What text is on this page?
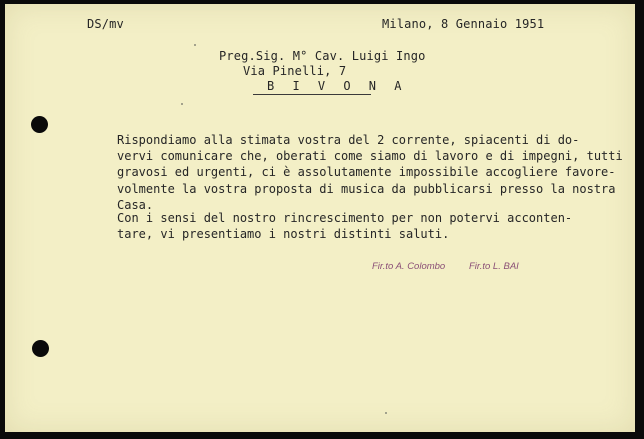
DS/mv	Milano, 8 Gennaio 1951
Preg.Sig. M° Cav. Luigi Ingo
Via Pinelli, 7
B I V O N A
Rispondiamo alla stimata vostra del 2 corrente, spiacenti di do-
vervi comunicare che, oberati come siamo di lavoro e di impegni, tutti
gravosi ed urgenti, ci è assolutamente impossibile accogliere favore-
volmente la vostra proposta di musica da pubblicarsi presso la nostra
Casa.
Con i sensi del nostro rincrescimento per non potervi acconten-
tare, vi presentiamo i nostri distinti saluti.
Fir.to A. Colombo	Fir.to L. BAI
